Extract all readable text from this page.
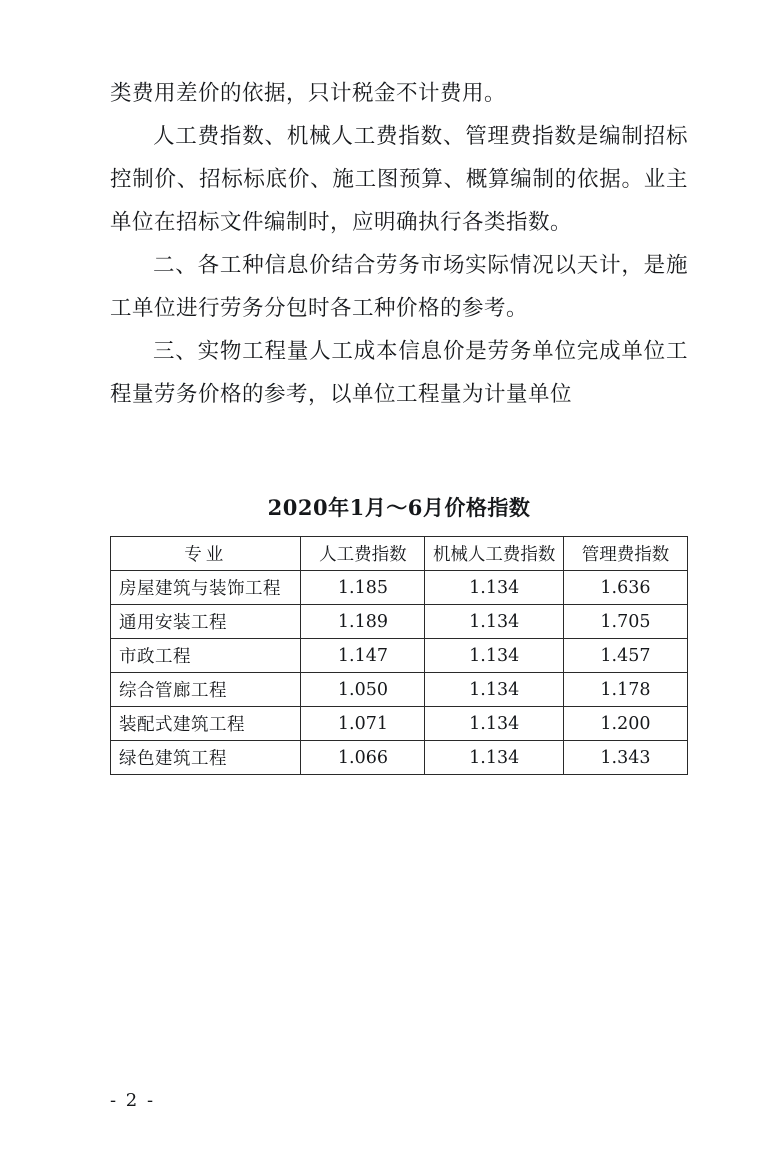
类费用差价的依据，只计税金不计费用。

人工费指数、机械人工费指数、管理费指数是编制招标控制价、招标标底价、施工图预算、概算编制的依据。业主单位在招标文件编制时，应明确执行各类指数。

二、各工种信息价结合劳务市场实际情况以天计，是施工单位进行劳务分包时各工种价格的参考。

三、实物工程量人工成本信息价是劳务单位完成单位工程量劳务价格的参考，以单位工程量为计量单位

2020年1月～6月价格指数
专业	人工费指数	机械人工费指数	管理费指数
房屋建筑与装饰工程	1.185	1.134	1.636
通用安装工程	1.189	1.134	1.705
市政工程	1.147	1.134	1.457
综合管廊工程	1.050	1.134	1.178
装配式建筑工程	1.071	1.134	1.200
绿色建筑工程	1.066	1.134	1.343
- 2 -
